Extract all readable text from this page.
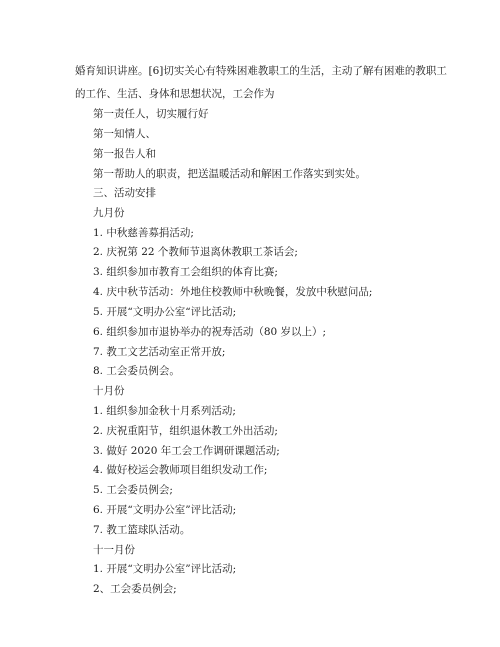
婚育知识讲座。[6]切实关心有特殊困难教职工的生活，主动了解有困难的教职工
的工作、生活、身体和思想状况，工会作为
第一责任人，切实履行好
第一知情人、
第一报告人和
第一帮助人的职责，把送温暖活动和解困工作落实到实处。
三、活动安排
九月份
1. 中秋慈善募捐活动;
2. 庆祝第 22 个教师节退离休教职工茶话会;
3. 组织参加市教育工会组织的体育比赛;
4. 庆中秋节活动：外地住校教师中秋晚餐，发放中秋慰问品;
5. 开展“文明办公室“评比活动;
6. 组织参加市退协举办的祝寿活动（80 岁以上）;
7. 教工文艺活动室正常开放;
8. 工会委员例会。
十月份
1. 组织参加金秋十月系列活动;
2. 庆祝重阳节，组织退休教工外出活动;
3. 做好 2020 年工会工作调研课题活动;
4. 做好校运会教师项目组织发动工作;
5. 工会委员例会;
6. 开展“文明办公室”评比活动;
7. 教工篮球队活动。
十一月份
1. 开展“文明办公室”评比活动;
2、工会委员例会;
